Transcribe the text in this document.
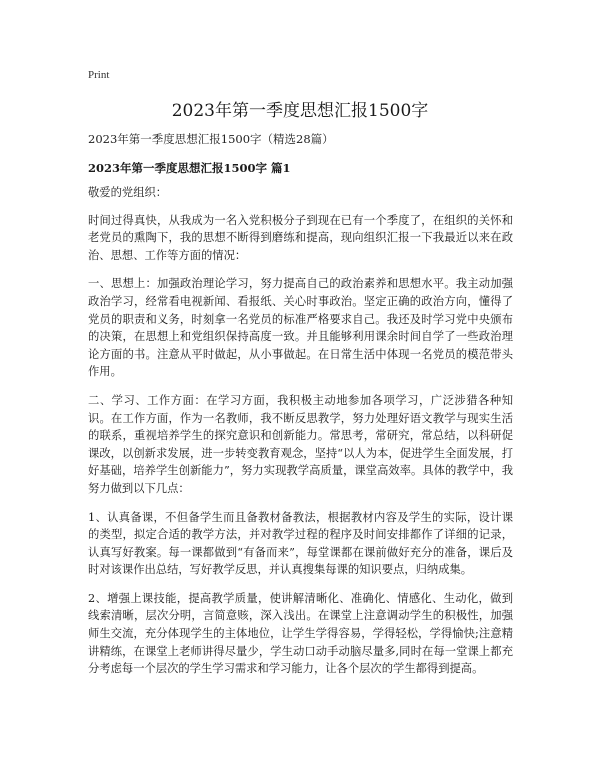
Print
2023年第一季度思想汇报1500字
2023年第一季度思想汇报1500字（精选28篇）
2023年第一季度思想汇报1500字 篇1

敬爱的党组织：

时间过得真快，从我成为一名入党积极分子到现在已有一个季度了，在组织的关怀和老党员的熏陶下，我的思想不断得到磨练和提高，现向组织汇报一下我最近以来在政治、思想、工作等方面的情况：

一、思想上：加强政治理论学习，努力提高自己的政治素养和思想水平。我主动加强政治学习，经常看电视新闻、看报纸、关心时事政治。坚定正确的政治方向，懂得了党员的职责和义务，时刻拿一名党员的标准严格要求自己。我还及时学习党中央颁布的决策，在思想上和党组织保持高度一致。并且能够利用课余时间自学了一些政治理论方面的书。注意从平时做起，从小事做起。在日常生活中体现一名党员的模范带头作用。

二、学习、工作方面：在学习方面，我积极主动地参加各项学习，广泛涉猎各种知识。在工作方面，作为一名教师，我不断反思教学，努力处理好语文教学与现实生活的联系，重视培养学生的探究意识和创新能力。常思考，常研究，常总结，以科研促课改，以创新求发展，进一步转变教育观念，坚持“以人为本，促进学生全面发展，打好基础，培养学生创新能力”，努力实现教学高质量，课堂高效率。具体的教学中，我努力做到以下几点：

1、认真备课，不但备学生而且备教材备教法，根据教材内容及学生的实际，设计课的类型，拟定合适的教学方法，并对教学过程的程序及时间安排都作了详细的记录，认真写好教案。每一课都做到“有备而来”，每堂课都在课前做好充分的准备，课后及时对该课作出总结，写好教学反思，并认真搜集每课的知识要点，归纳成集。

2、增强上课技能，提高教学质量，使讲解清晰化、准确化、情感化、生动化，做到线索清晰，层次分明，言简意赅，深入浅出。在课堂上注意调动学生的积极性，加强师生交流，充分体现学生的主体地位，让学生学得容易，学得轻松，学得愉快;注意精讲精练，在课堂上老师讲得尽量少，学生动口动手动脑尽量多,同时在每一堂课上都充分考虑每一个层次的学生学习需求和学习能力，让各个层次的学生都得到提高。
